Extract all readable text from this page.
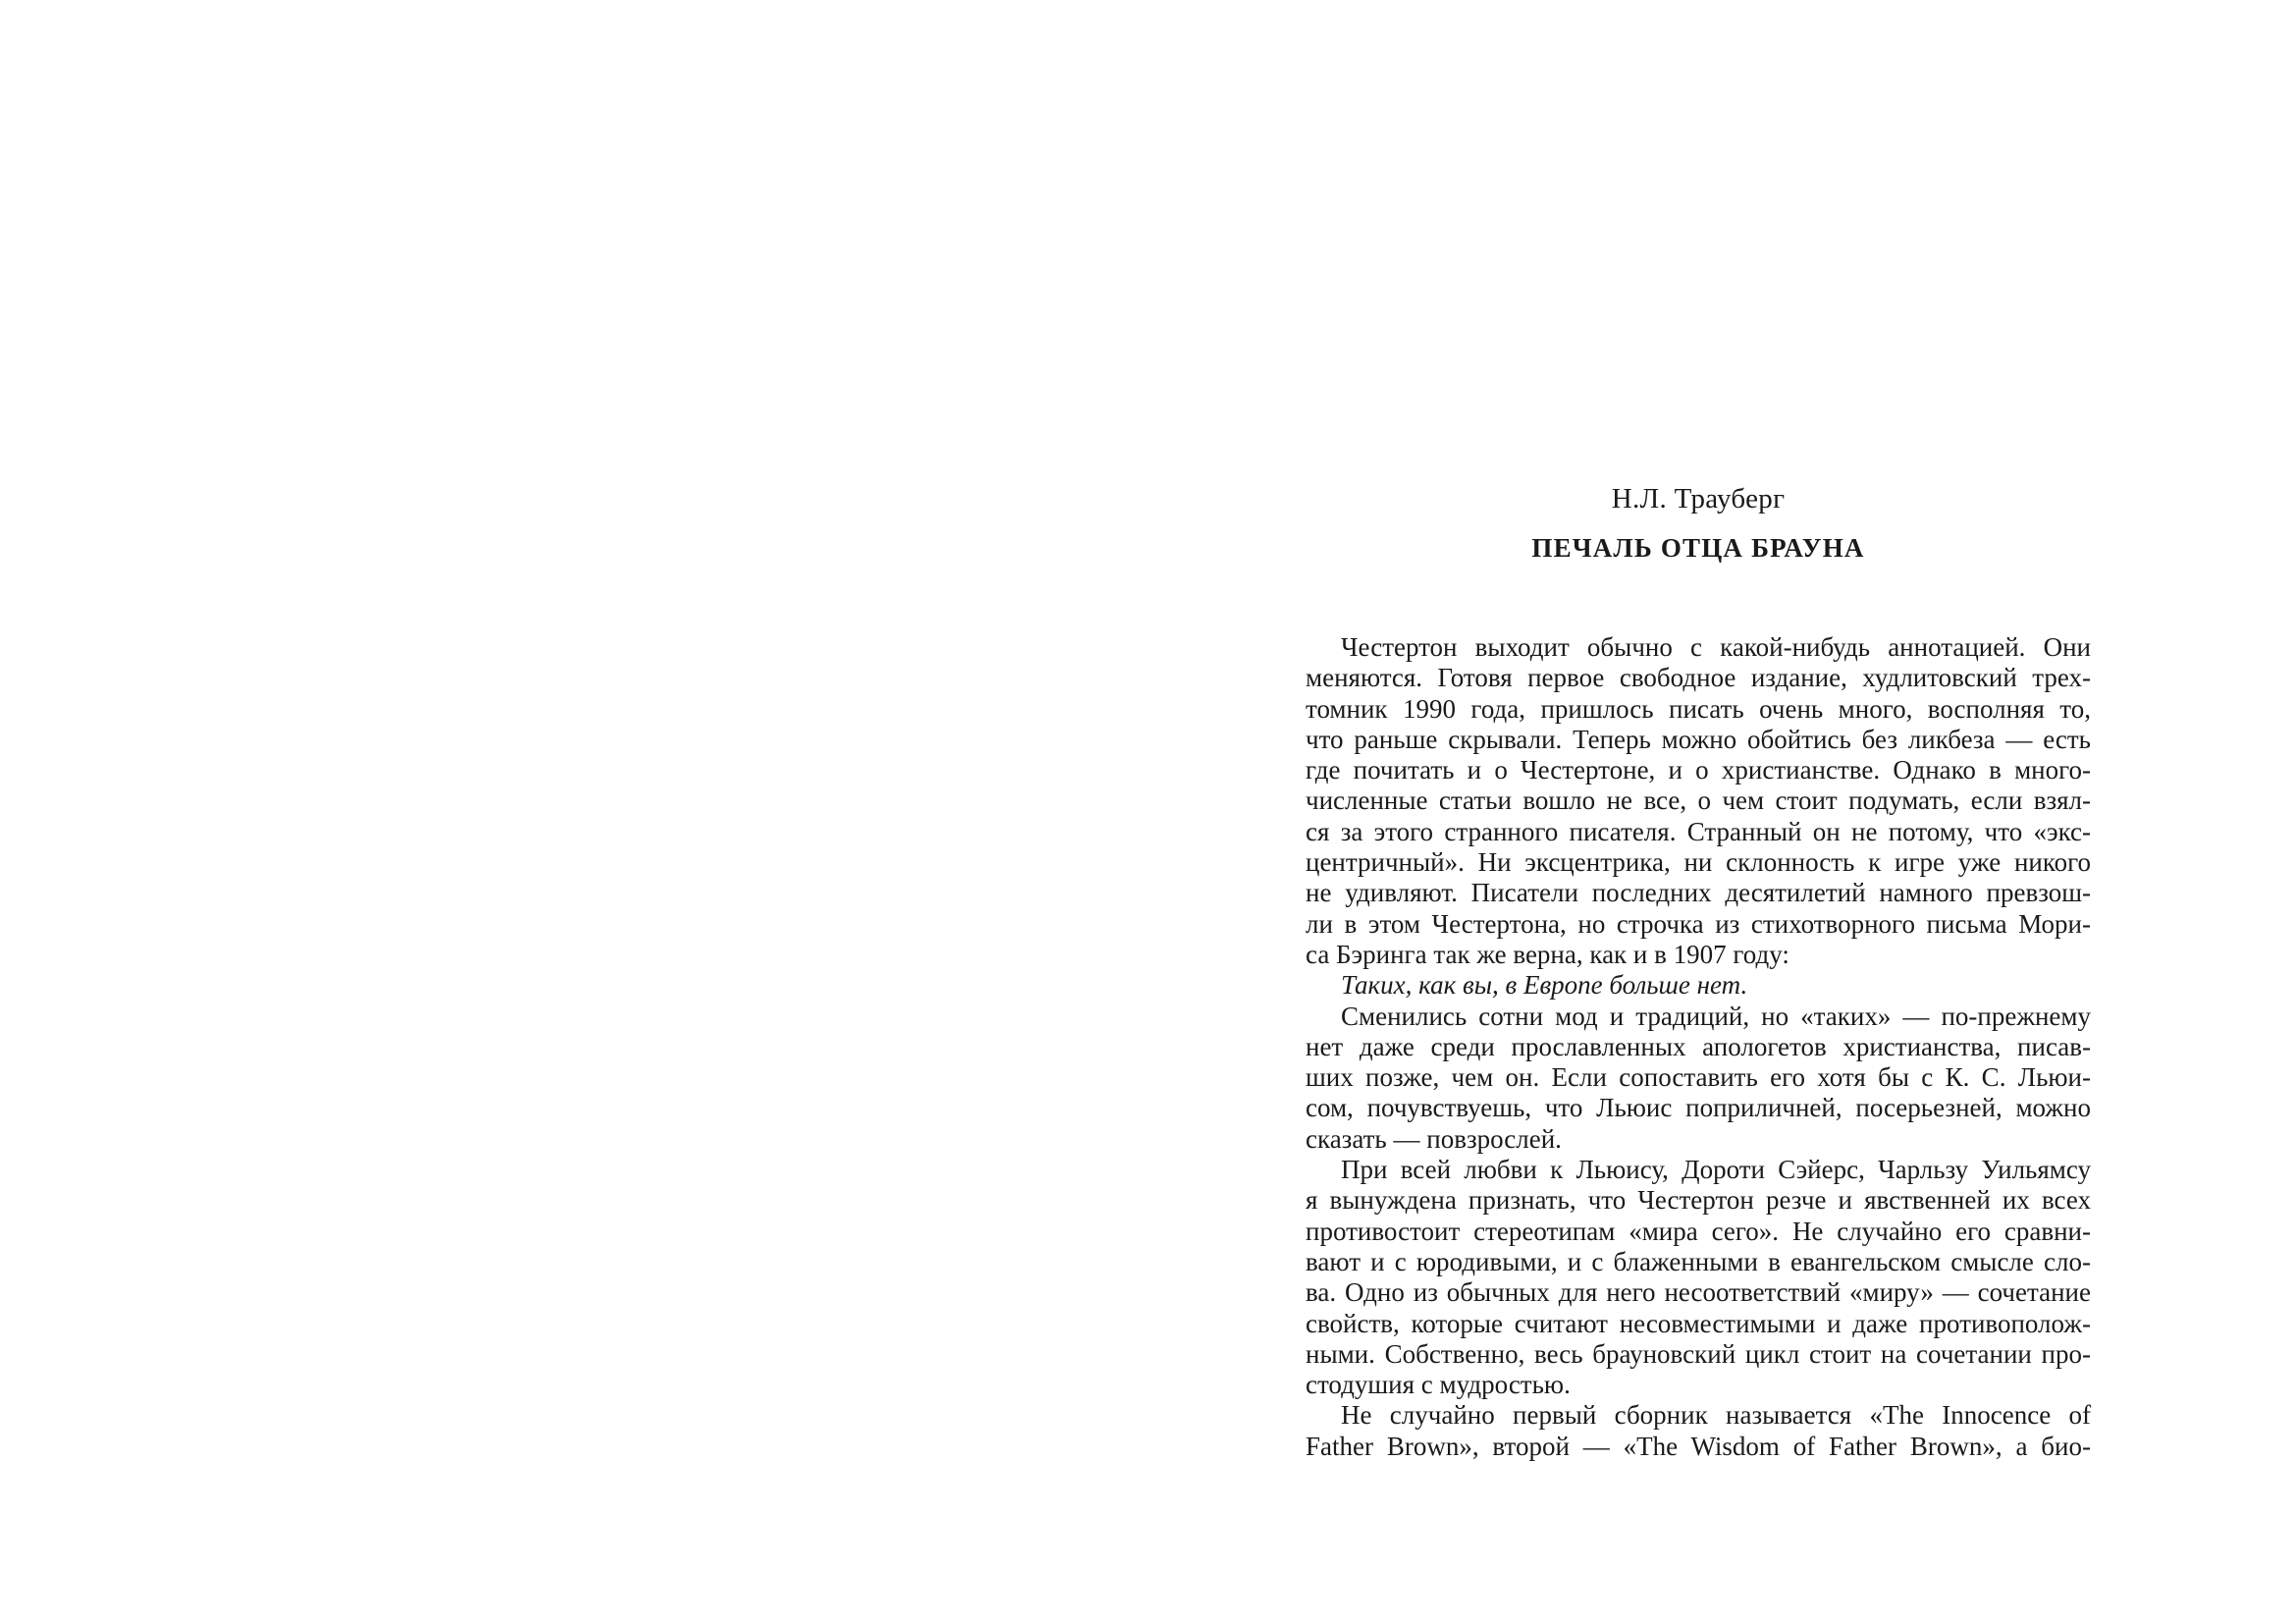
Н.Л. Трауберг
ПЕЧАЛЬ ОТЦА БРАУНА
Честертон выходит обычно с какой-нибудь аннотацией. Они
меняются. Готовя первое свободное издание, худлитовский трех-
томник 1990 года, пришлось писать очень много, восполняя то,
что раньше скрывали. Теперь можно обойтись без ликбеза — есть
где почитать и о Честертоне, и о христианстве. Однако в много-
численные статьи вошло не все, о чем стоит подумать, если взял-
ся за этого странного писателя. Странный он не потому, что «экс-
центричный». Ни эксцентрика, ни склонность к игре уже никого
не удивляют. Писатели последних десятилетий намного превзош-
ли в этом Честертона, но строчка из стихотворного письма Мори-
са Бэринга так же верна, как и в 1907 году:
Таких, как вы, в Европе больше нет.
Сменились сотни мод и традиций, но «таких» — по-прежнему
нет даже среди прославленных апологетов христианства, писав-
ших позже, чем он. Если сопоставить его хотя бы с К. С. Льюи-
сом, почувствуешь, что Льюис поприличней, посерьезней, можно
сказать — повзрослей.
При всей любви к Льюису, Дороти Сэйерс, Чарльзу Уильямсу
я вынуждена признать, что Честертон резче и явственней их всех
противостоит стереотипам «мира сего». Не случайно его сравни-
вают и с юродивыми, и с блаженными в евангельском смысле сло-
ва. Одно из обычных для него несоответствий «миру» — сочетание
свойств, которые считают несовместимыми и даже противополож-
ными. Собственно, весь брауновский цикл стоит на сочетании про-
стодушия с мудростью.
Не случайно первый сборник называется «The Innocence of
Father Brown», второй — «The Wisdom of Father Brown», а био-
